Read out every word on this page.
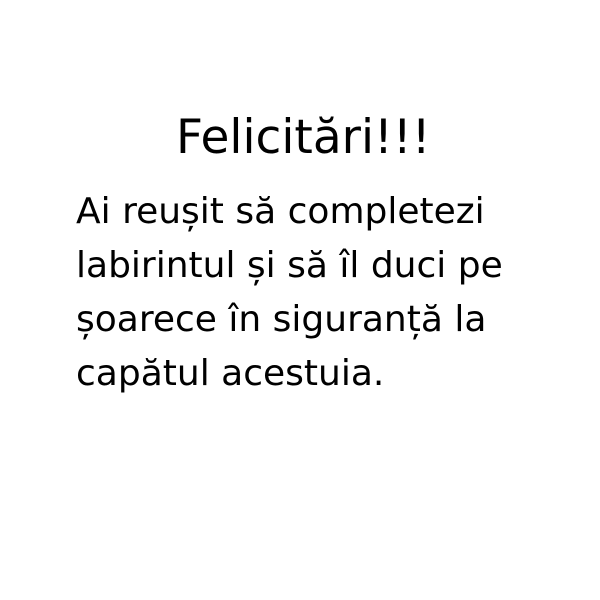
Felicitări!!!
Ai reușit să completezi
labirintul și să îl duci pe
șoarece în siguranță la
capătul acestuia.
